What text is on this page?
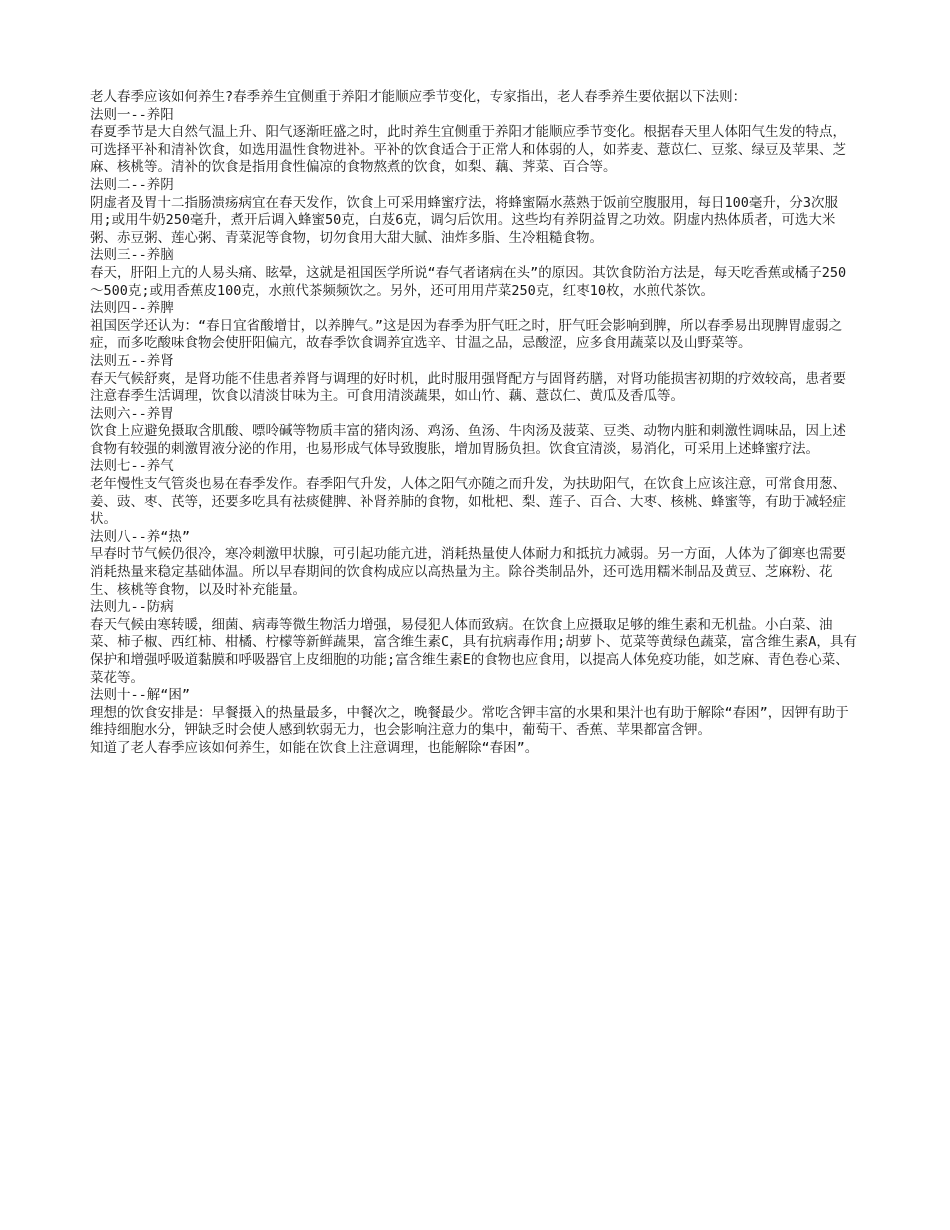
老人春季应该如何养生?春季养生宜侧重于养阳才能顺应季节变化，专家指出，老人春季养生要依据以下法则：

法则一--养阳

春夏季节是大自然气温上升、阳气逐渐旺盛之时，此时养生宜侧重于养阳才能顺应季节变化。根据春天里人体阳气生发的特点，可选择平补和清补饮食，如选用温性食物进补。平补的饮食适合于正常人和体弱的人，如荞麦、薏苡仁、豆浆、绿豆及苹果、芝麻、核桃等。清补的饮食是指用食性偏凉的食物熬煮的饮食，如梨、藕、荠菜、百合等。

法则二--养阴

阴虚者及胃十二指肠溃疡病宜在春天发作，饮食上可采用蜂蜜疗法，将蜂蜜隔水蒸熟于饭前空腹服用，每日100毫升，分3次服用;或用牛奶250毫升，煮开后调入蜂蜜50克，白芨6克，调匀后饮用。这些均有养阴益胃之功效。阴虚内热体质者，可选大米粥、赤豆粥、莲心粥、青菜泥等食物，切勿食用大甜大腻、油炸多脂、生冷粗糙食物。

法则三--养脑

春天，肝阳上亢的人易头痛、眩晕，这就是祖国医学所说“春气者诸病在头”的原因。其饮食防治方法是，每天吃香蕉或橘子250～500克;或用香蕉皮100克，水煎代茶频频饮之。另外，还可用用芹菜250克，红枣10枚，水煎代茶饮。

法则四--养脾

祖国医学还认为：“春日宜省酸增甘，以养脾气。”这是因为春季为肝气旺之时，肝气旺会影响到脾，所以春季易出现脾胃虚弱之症，而多吃酸味食物会使肝阳偏亢，故春季饮食调养宜选辛、甘温之品，忌酸涩，应多食用蔬菜以及山野菜等。

法则五--养肾

春天气候舒爽，是肾功能不佳患者养肾与调理的好时机，此时服用强肾配方与固肾药膳，对肾功能损害初期的疗效较高，患者要注意春季生活调理，饮食以清淡甘味为主。可食用清淡蔬果，如山竹、藕、薏苡仁、黄瓜及香瓜等。

法则六--养胃

饮食上应避免摄取含肌酸、嘌呤碱等物质丰富的猪肉汤、鸡汤、鱼汤、牛肉汤及菠菜、豆类、动物内脏和刺激性调味品，因上述食物有较强的刺激胃液分泌的作用，也易形成气体导致腹胀，增加胃肠负担。饮食宜清淡，易消化，可采用上述蜂蜜疗法。

法则七--养气

老年慢性支气管炎也易在春季发作。春季阳气升发，人体之阳气亦随之而升发，为扶助阳气，在饮食上应该注意，可常食用葱、姜、豉、枣、芪等，还要多吃具有祛痰健脾、补肾养肺的食物，如枇杷、梨、莲子、百合、大枣、核桃、蜂蜜等，有助于减轻症状。

法则八--养“热”

早春时节气候仍很冷，寒冷刺激甲状腺，可引起功能亢进，消耗热量使人体耐力和抵抗力减弱。另一方面，人体为了御寒也需要消耗热量来稳定基础体温。所以早春期间的饮食构成应以高热量为主。除谷类制品外，还可选用糯米制品及黄豆、芝麻粉、花生、核桃等食物，以及时补充能量。

法则九--防病

春天气候由寒转暖，细菌、病毒等微生物活力增强，易侵犯人体而致病。在饮食上应摄取足够的维生素和无机盐。小白菜、油菜、柿子椒、西红柿、柑橘、柠檬等新鲜蔬果，富含维生素C，具有抗病毒作用;胡萝卜、苋菜等黄绿色蔬菜，富含维生素A，具有保护和增强呼吸道黏膜和呼吸器官上皮细胞的功能;富含维生素E的食物也应食用，以提高人体免疫功能，如芝麻、青色卷心菜、菜花等。

法则十--解“困”

理想的饮食安排是：早餐摄入的热量最多，中餐次之，晚餐最少。常吃含钾丰富的水果和果汁也有助于解除“春困”，因钾有助于维持细胞水分，钾缺乏时会使人感到软弱无力，也会影响注意力的集中，葡萄干、香蕉、苹果都富含钾。

知道了老人春季应该如何养生，如能在饮食上注意调理，也能解除“春困”。
